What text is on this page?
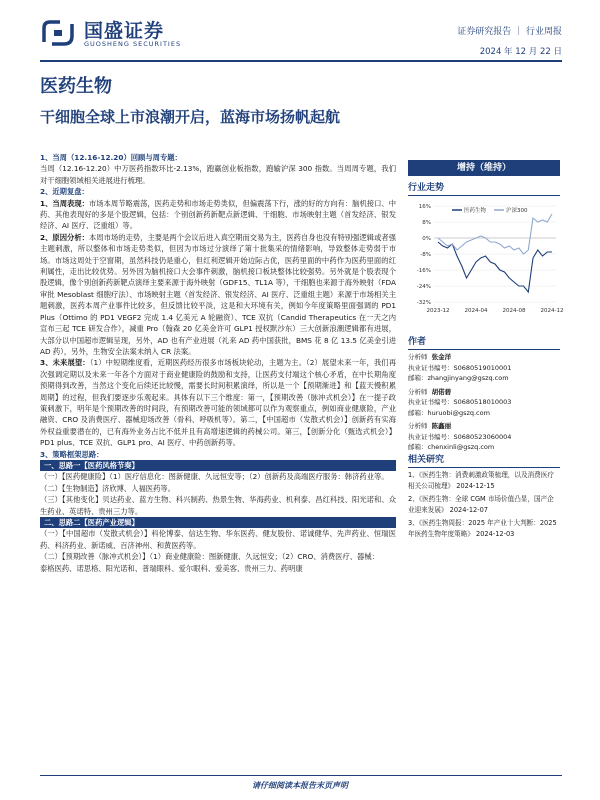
国盛证券
GUOSHENG SECURITIES
证券研究报告 ｜ 行业周报
2024 年 12 月 22 日
医药生物
干细胞全球上市浪潮开启，蓝海市场扬帆起航

1、当周（12.16-12.20）回顾与周专题：

当周（12.16-12.20）中万医药指数环比-2.13%，跑赢创业板指数，跑输沪深 300 指数。当周周专题，我们对干细胞领域相关进展进行梳理。

2、近期复盘：

1、当周表现：市场本周节略震荡，医药走势和市场走势类似，但偏震荡下行，涨的好的方向有：脑机接口、中药、其他表现好的多是个股逻辑，包括：个别创新药新靶点新逻辑、干细胞、市场映射主题（首发经济、银发经济、AI 医疗、泛重组）等。

2、原因分析：本周市场的走势，主要是两个会议后进入真空期而交易为主，医药自身也没有特别强逻辑或者强主题刺激，所以整体和市场走势类似，但因为市场过分演绎了第十批集采的情绪影响，导致整体走势弱于市场。市场这周处于空窗期，虽然科技仍是重心，但红利逻辑开始边际占优，医药里面的中药作为医药里面的红利属性，走出比较优势。另外因为脑机接口大会事件刺激，脑机接口板块整体比较强势。另外就是个股表现个股逻辑，像个别创新药新靶点演绎主要来源于海外映射（GDF15、TL1A 等），干细胞也来源于海外映射（FDA 审批 Mesoblast 细胞疗法）、市场映射主题（首发经济、银发经济、AI 医疗、泛重组主题）来源于市场相关主题刺激，医药本周产业事件比较多，但反馈比较平淡，这是和大环境有关，例如今年度策略里面强调的 PD1 Plus（Ottimo 的 PD1 VEGF2 完成 1.4 亿美元 A 轮融资）、TCE 双抗（Candid Therapeutics 在一天之内宣布三起 TCE 研发合作），减重 Pro（翰森 20 亿美金许可 GLP1 授权默沙东）三大创新浪潮逻辑都有进展，大部分以中国超市逻辑呈现，另外，AD 也有产业进展（礼来 AD 药中国获批，BMS 花 8 亿 13.5 亿美金引进 AD 药），另外，生物安全法案未纳入 CR 法案。

3、未来展望：（1）中短期维度看，近期医药经历很多市场板块轮动，主题为主。（2）展望未来一年，我们再次强调定期以及未来一年各个方面对于商业健康险的鼓励和支持，让医药支付端这个核心矛盾，在中长期角度预期得到改善，当然这个变化后续还比较慢，需要长时间积累演绎，所以是一个【预期渐进】和【蓝天慢积累周期】的过程，但我们要逐步乐观起来。具体有以下三个维度：第一，【预期改善（脉冲式机会）】在一提子政策刺激下，明年是个预期改善的时间段，有预期改善可能的领域都可以作为观察重点，例如商业健康险，产业融资、CRO 及消费医疗、器械迎场改善（骨科、呼吸机等）。第二，【中国超市（发散式机会）】创新药有实海外权益重要潜在的，已有海外业务占比不低并且有高增速逻辑的药械公司。第三，【创新分化（甄选式机会）】PD1 plus、TCE 双抗、GLP1 pro、AI 医疗、中药创新药等。

3、策略框架思路：

一、思路一【医药风格节奏】

（一）【医药健康险】（1）医疗信息化：图新健康、久远恒安等；（2）创新药及高端医疗服务：韩济药业等。

（二）【生物制造】济欣博、人福医药等。

（三）【其他变化】贝达药业、蓝方生物、科兴制药、热景生物、华海药业、机利泰、昌红科技、阳光诺和、众生药业、英诺特、贵州三力等。

二、思路二【医药产业逻辑】

（一）【中国超市（发散式机会）】科伦博泰、信达生物、华东医药、健友股份、诺诚健华、先声药业、恒瑞医药、科济药业、新诺威、百济神州、和黄医药等。

（二）【预期改善（脉冲式机会）】（1）商业健康险：图新健康、久远恒安；（2）CRO、消费医疗、器械：

泰格医药、诺思格、阳光诺和、普瑞眼科、爱尔眼科、爱美客、贵州三力、药明康

增持（维持）
行业走势
16%
8%
0%
-8%
-16%
-24%
-32%
2023-12	2024-04	2024-08	2024-12
医药生物	沪深300
作者
分析师 张金洋
执业证书编号：S0680519010001
邮箱：zhangjinyang@gszq.com
分析师 胡偌碧
执业证书编号：S0680518010003
邮箱：huruobi@gszq.com
分析师 陈鑫丽
执业证书编号：S0680523060004
邮箱：chenxinli@gszq.com
相关研究

1、《医药生物：消费刺激政策梳理，以及消费医疗相关公司梳理》 2024-12-15

2、《医药生物：全球 CGM 市场价值凸显，国产企业迎来发展》 2024-12-07

3、《医药生物周报：2025 年产业十大判断：2025 年医药生物年度策略》 2024-12-03

请仔细阅读本报告末页声明
